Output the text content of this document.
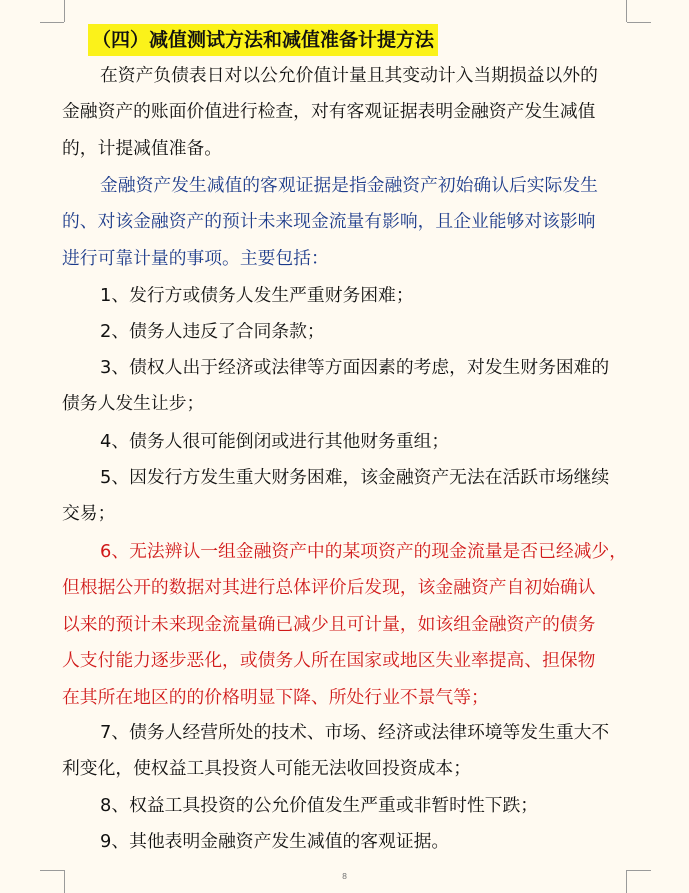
（四）减值测试方法和减值准备计提方法
在资产负债表日对以公允价值计量且其变动计入当期损益以外的
金融资产的账面价值进行检查，对有客观证据表明金融资产发生减值
的，计提减值准备。
金融资产发生减值的客观证据是指金融资产初始确认后实际发生
的、对该金融资产的预计未来现金流量有影响，且企业能够对该影响
进行可靠计量的事项。主要包括：
1、发行方或债务人发生严重财务困难；
2、债务人违反了合同条款；
3、债权人出于经济或法律等方面因素的考虑，对发生财务困难的
债务人发生让步；
4、债务人很可能倒闭或进行其他财务重组；
5、因发行方发生重大财务困难，该金融资产无法在活跃市场继续
交易；
6、无法辨认一组金融资产中的某项资产的现金流量是否已经减少，
但根据公开的数据对其进行总体评价后发现，该金融资产自初始确认
以来的预计未来现金流量确已减少且可计量，如该组金融资产的债务
人支付能力逐步恶化，或债务人所在国家或地区失业率提高、担保物
在其所在地区的的价格明显下降、所处行业不景气等；
7、债务人经营所处的技术、市场、经济或法律环境等发生重大不
利变化，使权益工具投资人可能无法收回投资成本；
8、权益工具投资的公允价值发生严重或非暂时性下跌；
9、其他表明金融资产发生减值的客观证据。
8
